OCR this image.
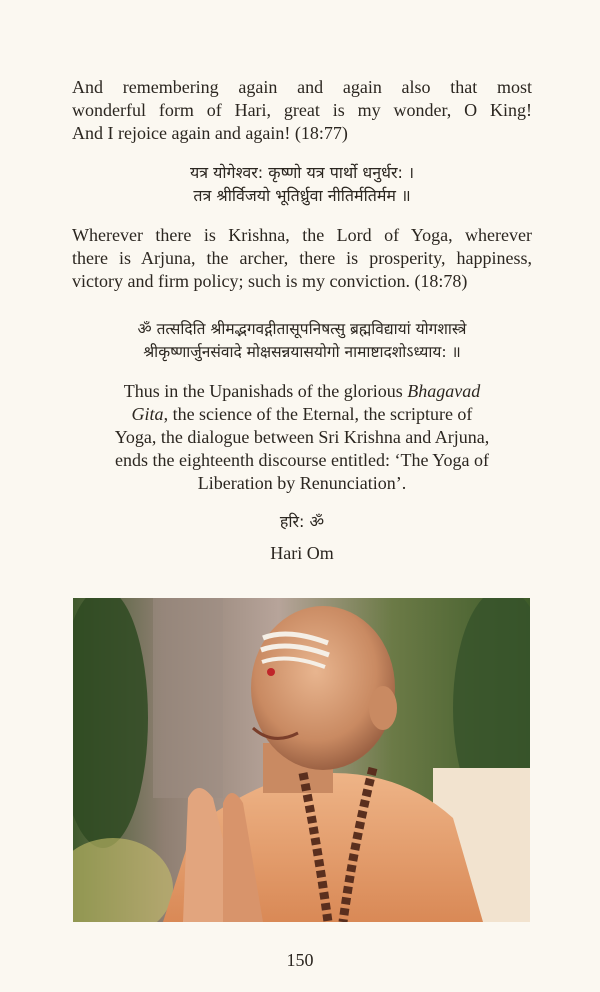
And remembering again and again also that most
wonderful form of Hari, great is my wonder, O King!
And I rejoice again and again! (18:77)
यत्र योगेश्वर: कृष्णो यत्र पार्थो धनुर्धर: ।
तत्र श्रीर्विजयो भूतिर्ध्रुवा नीतिर्मतिर्मम ॥
Wherever there is Krishna, the Lord of Yoga, wherever
there is Arjuna, the archer, there is prosperity, happiness,
victory and firm policy; such is my conviction. (18:78)
ॐ तत्सदिति श्रीमद्भगवद्गीतासूपनिषत्सु ब्रह्मविद्यायां योगशास्त्रे
श्रीकृष्णार्जुनसंवादे मोक्षसन्नयासयोगो नामाष्टादशोऽध्याय: ॥
Thus in the Upanishads of the glorious Bhagavad
Gita, the science of the Eternal, the scripture of
Yoga, the dialogue between Sri Krishna and Arjuna,
ends the eighteenth discourse entitled: ‘The Yoga of
Liberation by Renunciation’.
हरि: ॐ
Hari Om
150
